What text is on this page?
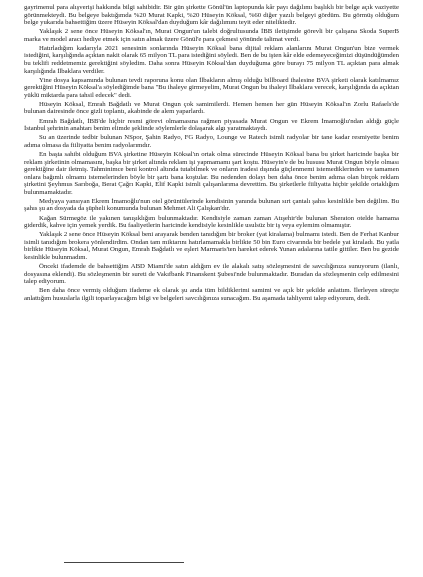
gayrimenul para alışverişi hakkında bilgi sahibidir. Bir gün şirkette Gönül'ün laptopunda kâr payı dağılımı başlıklı bir belge açık vaziyette görünmekteydi. Bu belgeye baktığımda %20 Murat Kapki, %20 Hüseyin Köksal, %60 diğer yazılı belgeyi gördüm. Bu görmüş olduğum belge yukarıda bahsettiğim üzere Hüseyin Köksal'dan duyduğum kâr dağılımını teyit eder niteliktedir.

Yaklaşık 2 sene önce Hüseyin Köksal'ın, Murat Ongun'un talebi doğrultusunda İBB iletişimde görevli bir çalışana Skoda SuperB marka ve model aracı hediye etmek için satın almak üzere Gönül'e para çekmesi yönünde talimat verdi.

Hatırladığım kadarıyla 2021 senesinin sonlarında Hüseyin Köksal bana dijital reklam alanlarını Murat Ongun'un bize vermek istediğini, karşılığında açıktan nakit olarak 65 milyon TL para istediğini söyledi. Ben de bu işten kâr elde edemeyeceğimizi düşündüğümden bu teklifi reddetmemiz gerektiğini söyledim. Daha sonra Hüseyin Köksal'dan duyduğuma göre burayı 75 milyon TL açıktan para almak karşılığında İlbaklara verdiler.

Yine dosya kapsamında bulunan tevdi raporuna konu olan İlbakların almış olduğu billboard ihalesine BVA şirketi olarak katılmamız gerektiğini Hüseyin Köksal'a söylediğimde bana "Bu ihaleye girmeyelim, Murat Ongun bu ihaleyi İlbaklara verecek, karşılığında da açıktan yüklü miktarda para tahsil edecek" dedi.

Hüseyin Köksal, Emrah Bağdatlı ve Murat Ongun çok samimilerdi. Hemen hemen her gün Hüseyin Köksal'ın Zorlu Rafaels'de bulunan dairesinde önce gizli toplantı, akabinde de alem yaparlardı.

Emrah Bağdatlı, İBB'de hiçbir resmi görevi olmamasına rağmen piyasada Murat Ongun ve Ekrem İmamoğlu'ndan aldığı güçle İstanbul şehrinin anahtarı benim elimde şeklinde söylemlerle dolaşarak algı yaratmaktaydı.

Su an üzerinde tedbir bulunan NSpor, Şahin Radyo, FG Radyo, Lounge ve Ratech isimli radyolar bir tane kadar resmiyette benim adıma olmasa da fiiliyatta benim radyolarımdır.

En başta sahibi olduğum BVA şirketine Hüseyin Köksal'ın ortak olma sürecinde Hüseyin Köksal bana bu şirket haricinde başka bir reklam şirketinin olmamasını, başka bir şirket altında reklam işi yapmamamı şart koştu. Hüseyin'e de bu hususu Murat Ongun böyle olması gerektiğine dair iletmiş. Tahminimce beni kontrol altında tutabilmek ve onların iradesi dışında güçlenmemi istemediklerinden ve tamamen onlara bağımlı olmamı istemelerinden böyle bir şartı bana koştular. Bu nedenden dolayı ben daha önce benim adıma olan birçok reklam şirketini Şeyhmus Sarıboğa, Berat Çağrı Kapki, Elif Kapki isimli çalışanlarıma devrettim. Bu şirketlerle fiiliyatta hiçbir şekilde ortaklığım bulunmamaktadır.

Medyaya yansıyan Ekrem İmamoğlu'nun otel görüntülerinde kendisinin yanında bulunan sırt çantalı şahıs kesinlikle ben değilim. Bu şahıs şu an dosyada da şüpheli konumunda bulunan Mehmet Ali Çalışkan'dır.

Kağan Sürmegöz ile yakınen tanışıklığım bulunmaktadır. Kendisiyle zaman zaman Atışehir'de bulunan Sheraton otelde hamama giderdik, kahve için yemek yerdik. Bu faaliyetlerin haricinde kendisiyle kesinlikle usulsüz bir iş veya eylemim olmamıştır.

Yaklaşık 2 sene önce Hüseyin Köksal beni arayarak benden tanıdığım bir broker (yat kiralama) bulmamı istedi. Ben de Ferhat Kanbur isimli tanıdığım brokera yönlendirdim. Ondan tam miktarını hatırlamamakla birlikte 50 bin Euro civarında bir bedele yat kiraladı. Bu yatla birlikte Hüseyin Köksal, Murat Ongun, Emrah Bağdatlı ve eşleri Marmaris'ten hareket ederek Yunan adalarına tatile gittiler. Ben bu gezide kesinlikle bulunmadım.

Önceki ifademde de bahsettiğim ABD Miami'de satın aldığım ev ile alakalı satış sözleşmesini de savcılığınıza sunuyorum (ilanlı, dosyasına eklendi). Bu sözleşmenin bir sureti de Vakıfbank Finanskent Şubesi'nde bulunmaktadır. Buradan da sözleşmenin celp edilmesini talep ediyorum.

Ben daha önce vermiş olduğum ifademe ek olarak şu anda tüm bildiklerimi samimi ve açık bir şekilde anlattım. İlerleyen süreçte anlattığım hususlarla ilgili toparlayacağım bilgi ve belgeleri savcılığınıza sunacağım. Bu aşamada tahliyemi talep ediyorum, dedi.
